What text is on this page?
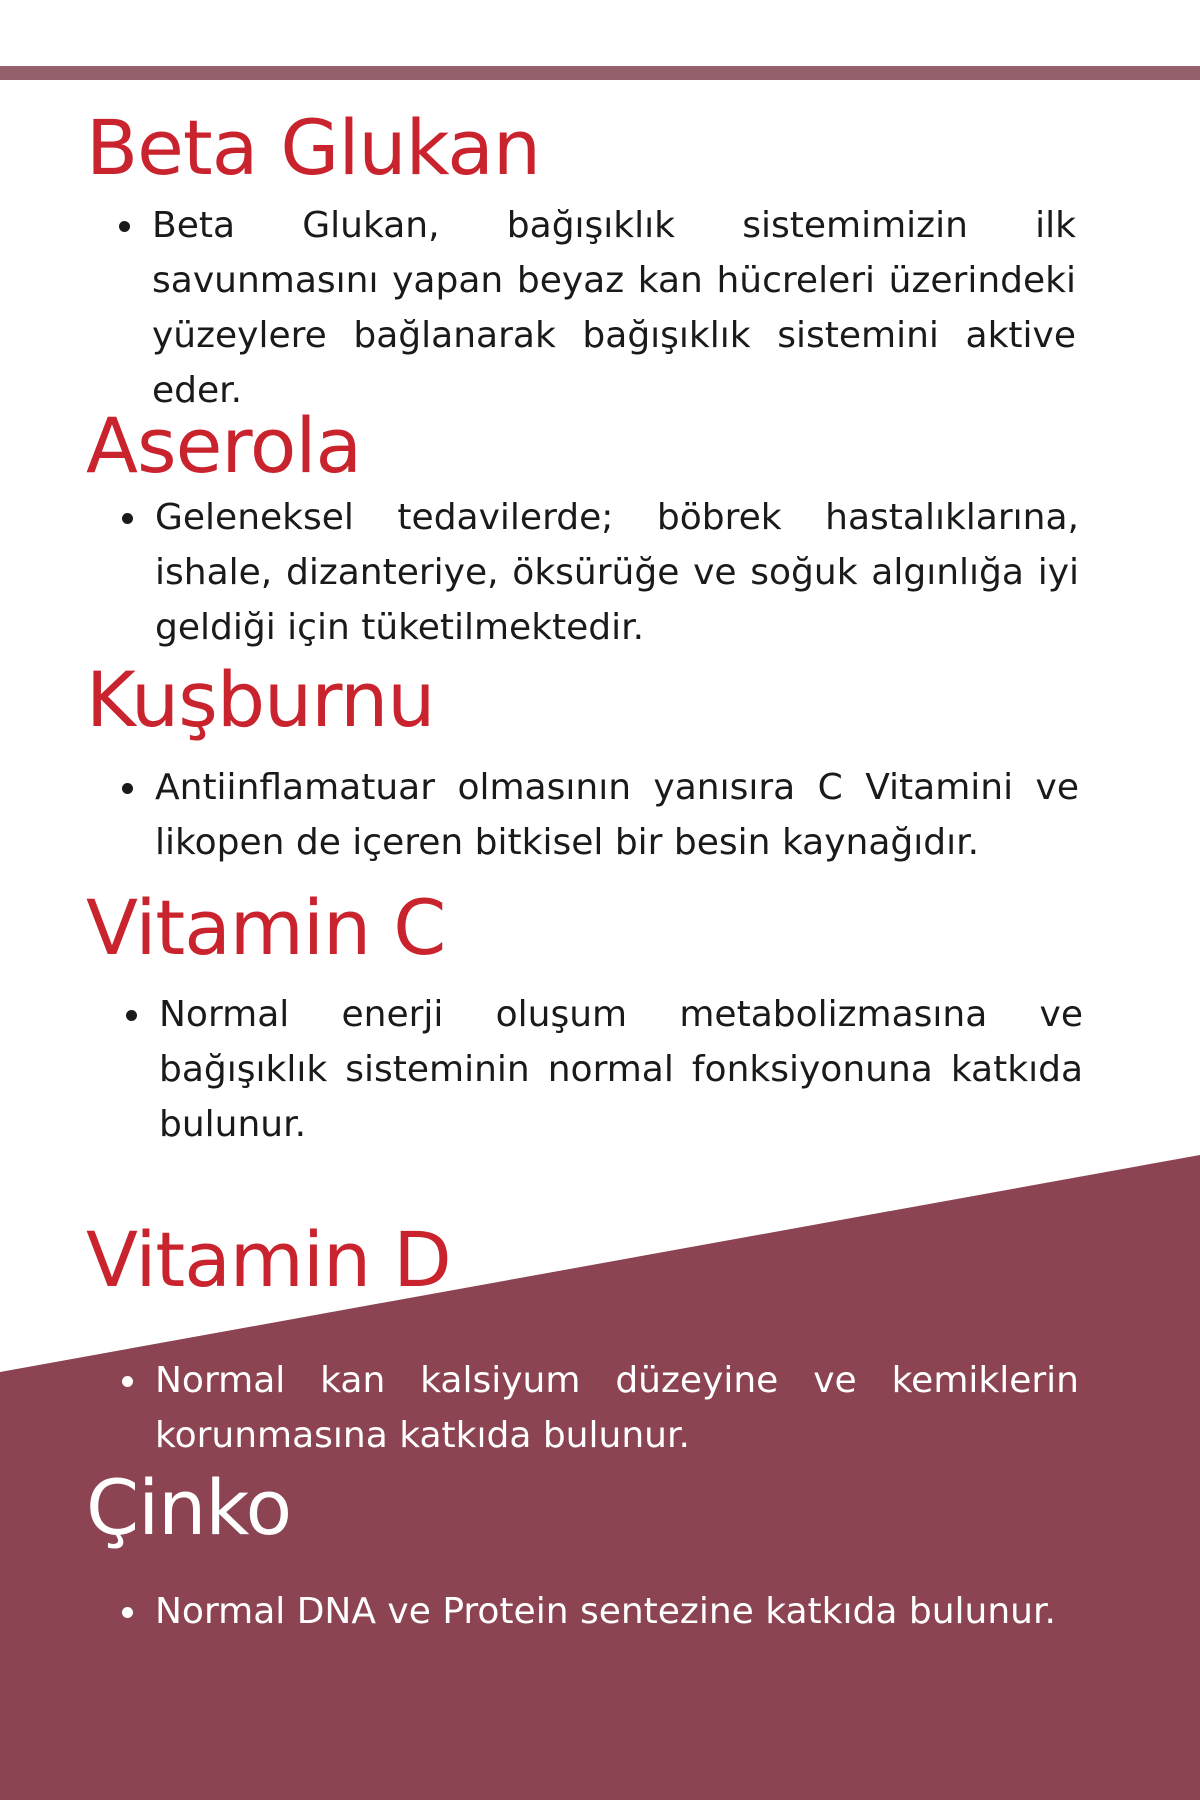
Beta Glukan

Beta Glukan, bağışıklık sistemimizin ilk savunmasını yapan beyaz kan hücreleri üzerindeki yüzeylere bağlanarak bağışıklık sistemini aktive eder.

Aserola

Geleneksel tedavilerde; böbrek hastalıklarına, ishale, dizanteriye, öksürüğe ve soğuk algınlığa iyi geldiği için tüketilmektedir.

Kuşburnu

Antiinflamatuar olmasının yanısıra C Vitamini ve likopen de içeren bitkisel bir besin kaynağıdır.

Vitamin C

Normal enerji oluşum metabolizmasına ve bağışıklık sisteminin normal fonksiyonuna katkıda bulunur.

Vitamin D

Normal kan kalsiyum düzeyine ve kemiklerin korunmasına katkıda bulunur.

Çinko

Normal DNA ve Protein sentezine katkıda bulunur.
